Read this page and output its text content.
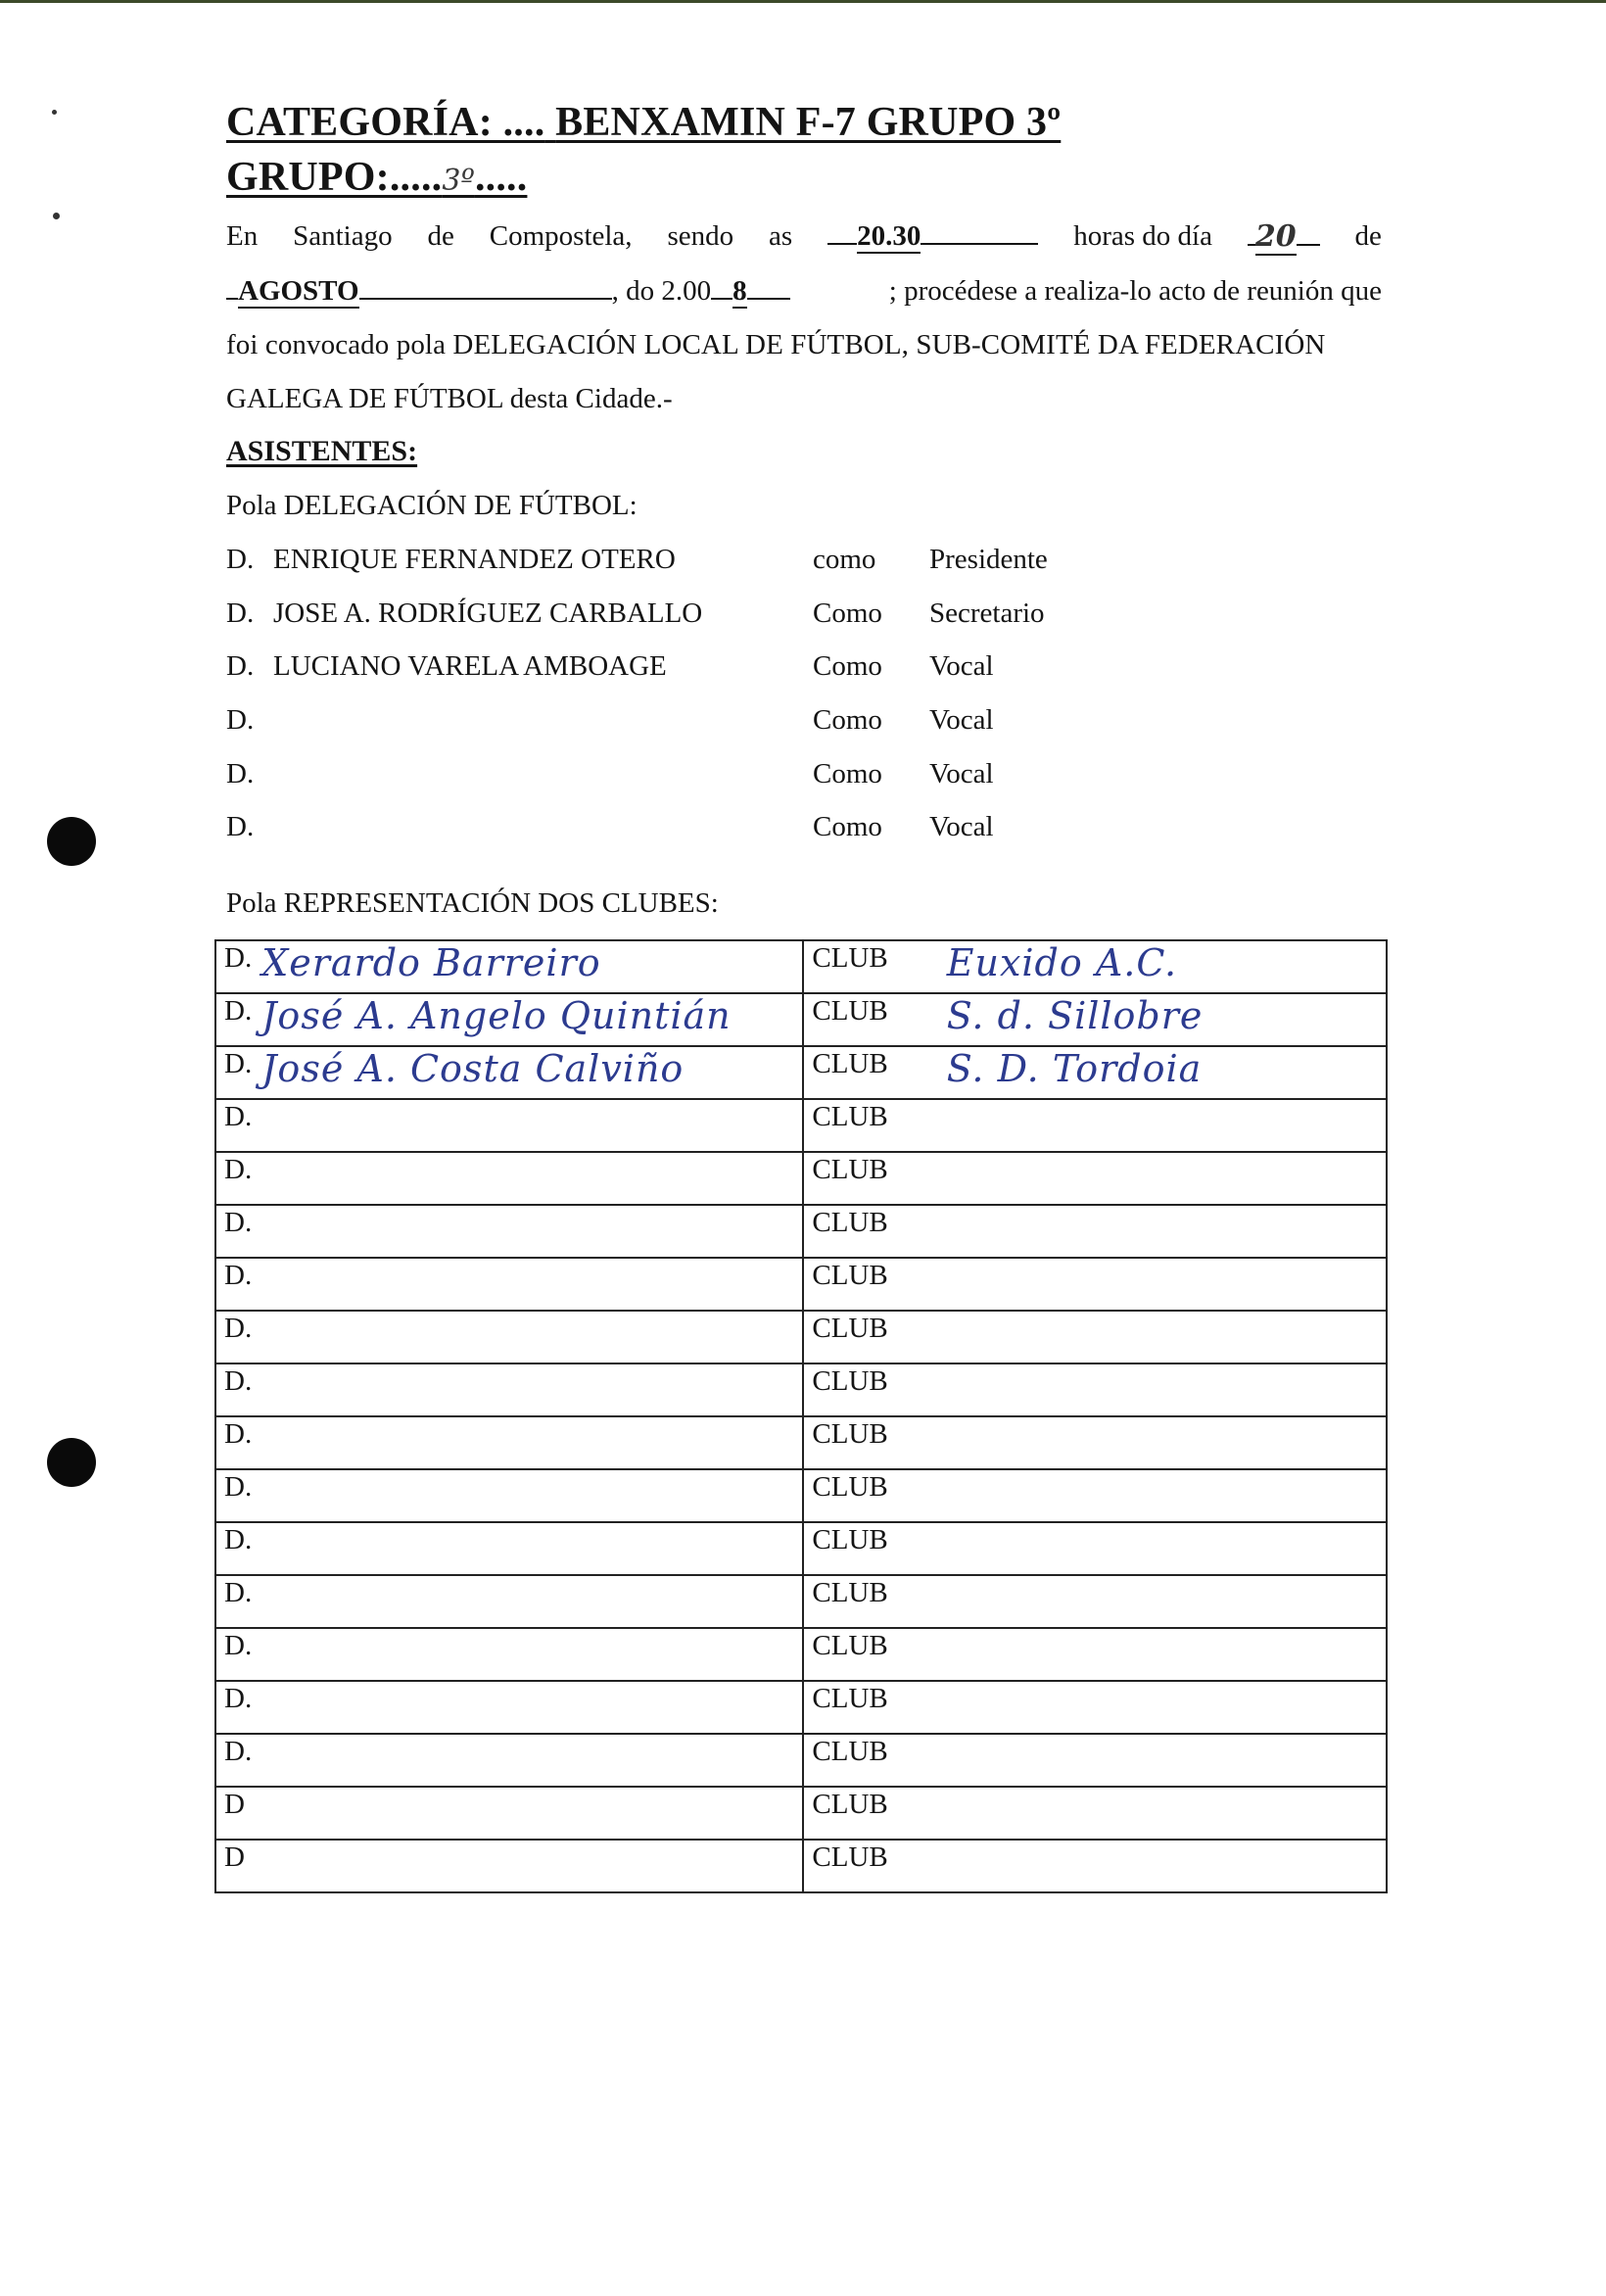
CATEGORÍA: .... BENXAMIN F-7 GRUPO 3º
GRUPO:.....3º.....
En Santiago de Compostela, sendo as	20.30	horas do día 20	de
AGOSTO	, do 2.00 8	; procédese a realiza-lo acto de reunión que
foi convocado pola DELEGACIÓN LOCAL DE FÚTBOL, SUB-COMITÉ DA FEDERACIÓN
GALEGA DE FÚTBOL desta Cidade.-
ASISTENTES:
Pola DELEGACIÓN DE FÚTBOL:
D. ENRIQUE FERNANDEZ OTERO	como Presidente
D. JOSE A. RODRÍGUEZ CARBALLO	Como Secretario
D. LUCIANO VARELA AMBOAGE	Como Vocal
D.	Como Vocal
D.	Como Vocal
D.	Como Vocal
Pola REPRESENTACIÓN DOS CLUBES:
D. Xerardo Barreiro	CLUB Euxido A.C.

D. José A. Angelo Quintián	CLUB S. d. Sillobre

D. José A. Costa Calviño	CLUB S. D. Tordoia

D.	CLUB

D.	CLUB

D.	CLUB

D.	CLUB

D.	CLUB

D.	CLUB

D.	CLUB

D.	CLUB

D.	CLUB

D.	CLUB

D.	CLUB

D.	CLUB

D.	CLUB

D	CLUB

D	CLUB
